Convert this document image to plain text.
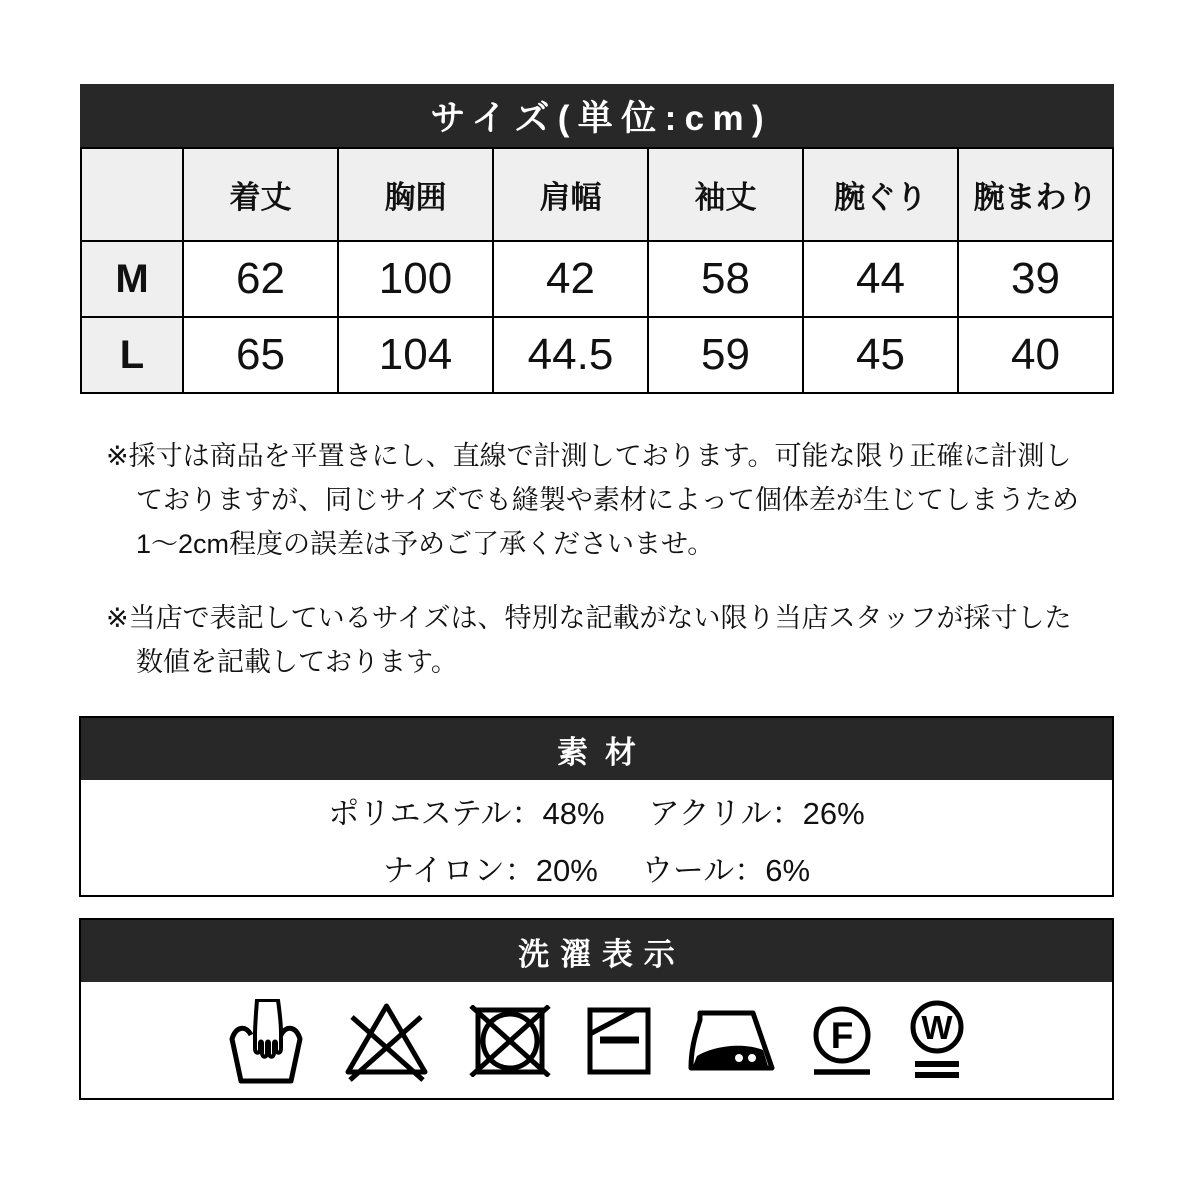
サイズ(単位:cm)
	着丈	胸囲	肩幅	袖丈	腕ぐり	腕まわり
M	62	100	42	58	44	39
L	65	104	44.5	59	45	40
※採寸は商品を平置きにし、直線で計測しております。可能な限り正確に計測し
ておりますが、同じサイズでも縫製や素材によって個体差が生じてしまうため
1〜2cm程度の誤差は予めご了承くださいませ。
※当店で表記しているサイズは、特別な記載がない限り当店スタッフが採寸した
数値を記載しております。
素材
ポリエステル：48% アクリル：26%
ナイロン：20% ウール：6%
洗濯表示
F W
